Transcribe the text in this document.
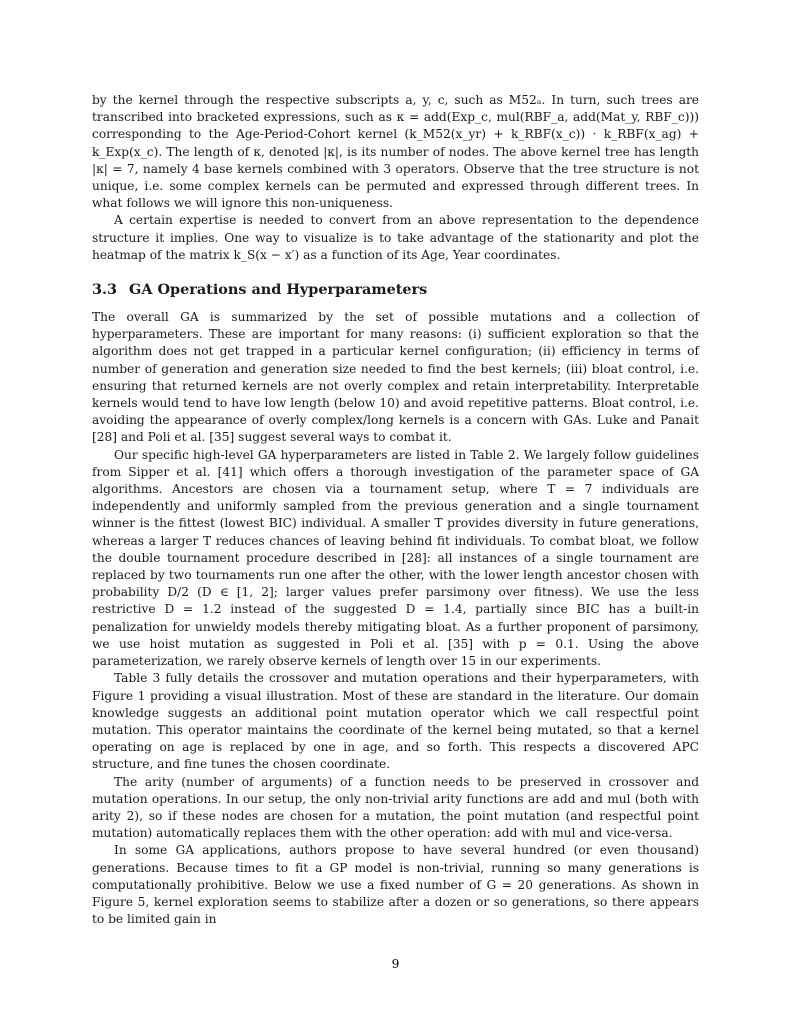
by the kernel through the respective subscripts a, y, c, such as M52ₐ. In turn, such trees are transcribed into bracketed expressions, such as κ = add(Exp_c, mul(RBF_a, add(Mat_y, RBF_c))) corresponding to the Age-Period-Cohort kernel (k_M52(x_yr) + k_RBF(x_c)) · k_RBF(x_ag) + k_Exp(x_c). The length of κ, denoted |κ|, is its number of nodes. The above kernel tree has length |κ| = 7, namely 4 base kernels combined with 3 operators. Observe that the tree structure is not unique, i.e. some complex kernels can be permuted and expressed through different trees. In what follows we will ignore this non-uniqueness.

A certain expertise is needed to convert from an above representation to the dependence structure it implies. One way to visualize is to take advantage of the stationarity and plot the heatmap of the matrix k_S(x − x′) as a function of its Age, Year coordinates.

3.3 GA Operations and Hyperparameters

The overall GA is summarized by the set of possible mutations and a collection of hyperparameters. These are important for many reasons: (i) sufficient exploration so that the algorithm does not get trapped in a particular kernel configuration; (ii) efficiency in terms of number of generation and generation size needed to find the best kernels; (iii) bloat control, i.e. ensuring that returned kernels are not overly complex and retain interpretability. Interpretable kernels would tend to have low length (below 10) and avoid repetitive patterns. Bloat control, i.e. avoiding the appearance of overly complex/long kernels is a concern with GAs. Luke and Panait [28] and Poli et al. [35] suggest several ways to combat it.

Our specific high-level GA hyperparameters are listed in Table 2. We largely follow guidelines from Sipper et al. [41] which offers a thorough investigation of the parameter space of GA algorithms. Ancestors are chosen via a tournament setup, where T = 7 individuals are independently and uniformly sampled from the previous generation and a single tournament winner is the fittest (lowest BIC) individual. A smaller T provides diversity in future generations, whereas a larger T reduces chances of leaving behind fit individuals. To combat bloat, we follow the double tournament procedure described in [28]: all instances of a single tournament are replaced by two tournaments run one after the other, with the lower length ancestor chosen with probability D/2 (D ∈ [1, 2]; larger values prefer parsimony over fitness). We use the less restrictive D = 1.2 instead of the suggested D = 1.4, partially since BIC has a built-in penalization for unwieldy models thereby mitigating bloat. As a further proponent of parsimony, we use hoist mutation as suggested in Poli et al. [35] with p = 0.1. Using the above parameterization, we rarely observe kernels of length over 15 in our experiments.

Table 3 fully details the crossover and mutation operations and their hyperparameters, with Figure 1 providing a visual illustration. Most of these are standard in the literature. Our domain knowledge suggests an additional point mutation operator which we call respectful point mutation. This operator maintains the coordinate of the kernel being mutated, so that a kernel operating on age is replaced by one in age, and so forth. This respects a discovered APC structure, and fine tunes the chosen coordinate.

The arity (number of arguments) of a function needs to be preserved in crossover and mutation operations. In our setup, the only non-trivial arity functions are add and mul (both with arity 2), so if these nodes are chosen for a mutation, the point mutation (and respectful point mutation) automatically replaces them with the other operation: add with mul and vice-versa.

In some GA applications, authors propose to have several hundred (or even thousand) generations. Because times to fit a GP model is non-trivial, running so many generations is computationally prohibitive. Below we use a fixed number of G = 20 generations. As shown in Figure 5, kernel exploration seems to stabilize after a dozen or so generations, so there appears to be limited gain in

9
